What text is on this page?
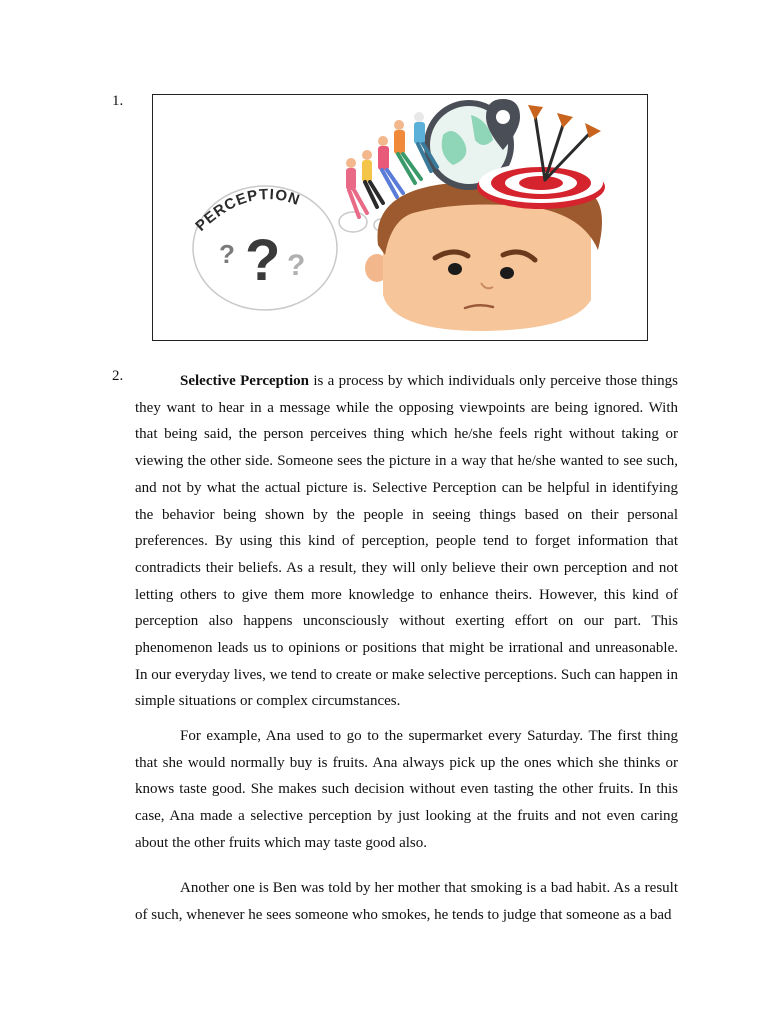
1.
PERCEPTION
?
? ?
2.	Selective Perception is a process by which individuals only perceive those things they want to hear in a message while the opposing viewpoints are being ignored. With that being said, the person perceives thing which he/she feels right without taking or viewing the other side. Someone sees the picture in a way that he/she wanted to see such, and not by what the actual picture is. Selective Perception can be helpful in identifying the behavior being shown by the people in seeing things based on their personal preferences. By using this kind of perception, people tend to forget information that contradicts their beliefs. As a result, they will only believe their own perception and not letting others to give them more knowledge to enhance theirs. However, this kind of perception also happens unconsciously without exerting effort on our part. This phenomenon leads us to opinions or positions that might be irrational and unreasonable. In our everyday lives, we tend to create or make selective perceptions. Such can happen in simple situations or complex circumstances.

For example, Ana used to go to the supermarket every Saturday. The first thing that she would normally buy is fruits. Ana always pick up the ones which she thinks or knows taste good. She makes such decision without even tasting the other fruits. In this case, Ana made a selective perception by just looking at the fruits and not even caring about the other fruits which may taste good also.

Another one is Ben was told by her mother that smoking is a bad habit. As a result of such, whenever he sees someone who smokes, he tends to judge that someone as a bad
